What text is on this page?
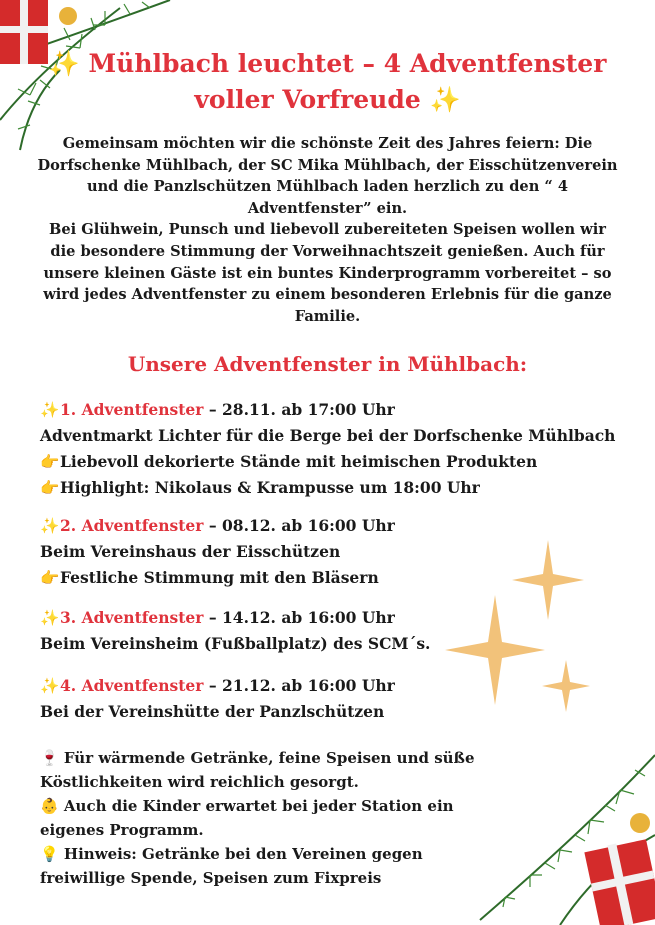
✨ Mühlbach leuchtet – 4 Adventfenster
voller Vorfreude ✨

Gemeinsam möchten wir die schönste Zeit des Jahres feiern: Die Dorfschenke Mühlbach, der SC Mika Mühlbach, der Eisschützenverein und die Panzlschützen Mühlbach laden herzlich zu den “ 4 Adventfenster” ein.

Bei Glühwein, Punsch und liebevoll zubereiteten Speisen wollen wir die besondere Stimmung der Vorweihnachtszeit genießen. Auch für unsere kleinen Gäste ist ein buntes Kinderprogramm vorbereitet – so wird jedes Adventfenster zu einem besonderen Erlebnis für die ganze Familie.

Unsere Adventfenster in Mühlbach:
✨1. Adventfenster – 28.11. ab 17:00 Uhr
Adventmarkt Lichter für die Berge bei der Dorfschenke Mühlbach
👉Liebevoll dekorierte Stände mit heimischen Produkten
👉Highlight: Nikolaus & Krampusse um 18:00 Uhr
✨2. Adventfenster – 08.12. ab 16:00 Uhr
Beim Vereinshaus der Eisschützen
👉Festliche Stimmung mit den Bläsern
✨3. Adventfenster – 14.12. ab 16:00 Uhr
Beim Vereinsheim (Fußballplatz) des SCM´s.
✨4. Adventfenster – 21.12. ab 16:00 Uhr
Bei der Vereinshütte der Panzlschützen

🍷 Für wärmende Getränke, feine Speisen und süße Köstlichkeiten wird reichlich gesorgt.

👶 Auch die Kinder erwartet bei jeder Station ein eigenes Programm.

💡 Hinweis: Getränke bei den Vereinen gegen freiwillige Spende, Speisen zum Fixpreis
